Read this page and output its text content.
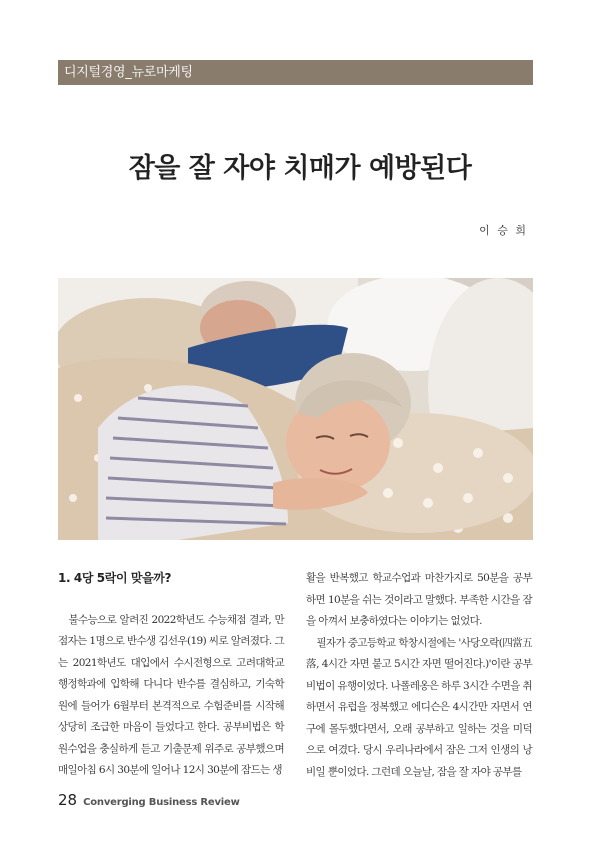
디지털경영_뉴로마케팅
잠을 잘 자야 치매가 예방된다
이 승 희
1. 4당 5락이 맞을까?

불수능으로 알려진 2022학년도 수능채점 결과, 만점자는 1명으로 반수생 김선우(19) 씨로 알려졌다. 그는 2021학년도 대입에서 수시전형으로 고려대학교 행정학과에 입학해 다니다 반수를 결심하고, 기숙학원에 들어가 6월부터 본격적으로 수험준비를 시작해 상당히 조급한 마음이 들었다고 한다. 공부비법은 학원수업을 충실하게 듣고 기출문제 위주로 공부했으며 매일아침 6시 30분에 일어나 12시 30분에 잠드는 생

활을 반복했고 학교수업과 마찬가지로 50분을 공부하면 10분을 쉬는 것이라고 말했다. 부족한 시간을 잠을 아껴서 보충하였다는 이야기는 없었다.

필자가 중고등학교 학창시절에는 '사당오락(四當五落, 4시간 자면 붙고 5시간 자면 떨어진다.)'이란 공부비법이 유행이었다. 나폴레옹은 하루 3시간 수면을 취하면서 유럽을 정복했고 에디슨은 4시간만 자면서 연구에 몰두했다면서, 오래 공부하고 일하는 것을 미덕으로 여겼다. 당시 우리나라에서 잠은 그저 인생의 낭비일 뿐이었다. 그런데 오늘날, 잠을 잘 자야 공부를

28 Converging Business Review
